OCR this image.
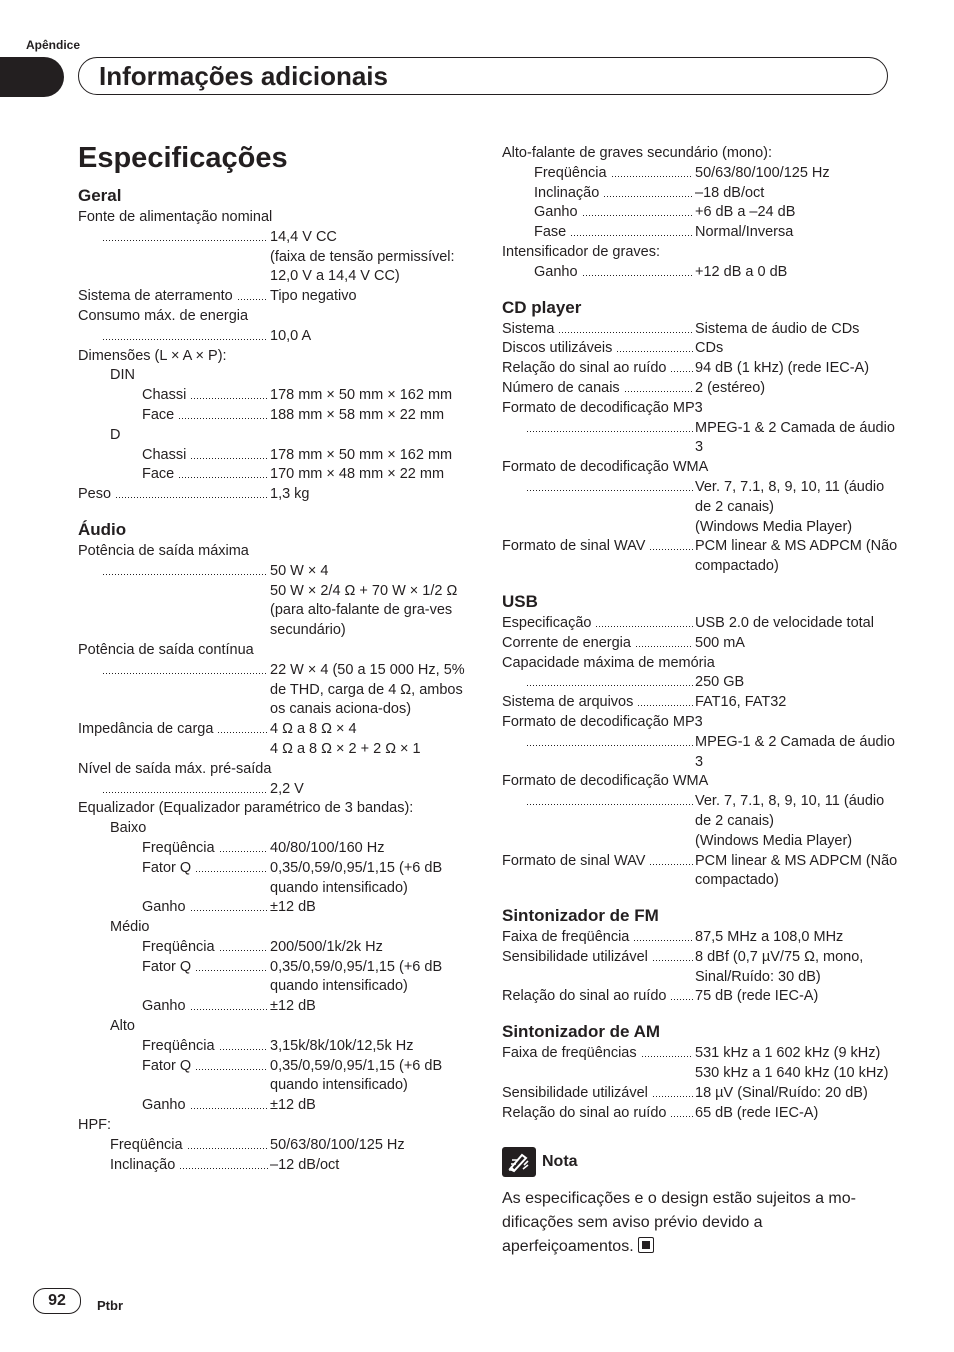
Apêndice
Informações adicionais
Especificações
Geral
Fonte de alimentação nominal
14,4 V CC
(faixa de tensão permissível: 12,0 V a 14,4 V CC)
Sistema de aterramento	Tipo negativo
Consumo máx. de energia
10,0 A
Dimensões (L × A × P):
DIN
Chassi	178 mm × 50 mm × 162 mm
Face	188 mm × 58 mm × 22 mm
D
Chassi	178 mm × 50 mm × 162 mm
Face	170 mm × 48 mm × 22 mm
Peso	1,3 kg
Áudio
Potência de saída máxima
50 W × 4
50 W × 2/4 Ω + 70 W × 1/2 Ω (para alto-falante de gra-ves secundário)
Potência de saída contínua
22 W × 4 (50 a 15 000 Hz, 5% de THD, carga de 4 Ω, ambos os canais aciona-dos)
Impedância de carga	4 Ω a 8 Ω × 4
4 Ω a 8 Ω × 2 + 2 Ω × 1
Nível de saída máx. pré-saída
2,2 V
Equalizador (Equalizador paramétrico de 3 bandas):
Baixo
Freqüência	40/80/100/160 Hz
Fator Q	0,35/0,59/0,95/1,15 (+6 dB quando intensificado)
Ganho	±12 dB
Médio
Freqüência	200/500/1k/2k Hz
Fator Q	0,35/0,59/0,95/1,15 (+6 dB quando intensificado)
Ganho	±12 dB
Alto
Freqüência	3,15k/8k/10k/12,5k Hz
Fator Q	0,35/0,59/0,95/1,15 (+6 dB quando intensificado)
Ganho	±12 dB
HPF:
Freqüência	50/63/80/100/125 Hz
Inclinação	–12 dB/oct
Alto-falante de graves secundário (mono):
Freqüência	50/63/80/100/125 Hz
Inclinação	–18 dB/oct
Ganho	+6 dB a –24 dB
Fase	Normal/Inversa
Intensificador de graves:
Ganho	+12 dB a 0 dB
CD player
Sistema	Sistema de áudio de CDs
Discos utilizáveis	CDs
Relação do sinal ao ruído 94 dB (1 kHz) (rede IEC-A)
Número de canais	2 (estéreo)
Formato de decodificação MP3
MPEG-1 & 2 Camada de áudio 3
Formato de decodificação WMA
Ver. 7, 7.1, 8, 9, 10, 11 (áudio de 2 canais)
(Windows Media Player)
Formato de sinal WAV	PCM linear & MS ADPCM (Não compactado)
USB
Especificação	USB 2.0 de velocidade total
Corrente de energia	500 mA
Capacidade máxima de memória
250 GB
Sistema de arquivos	FAT16, FAT32
Formato de decodificação MP3
MPEG-1 & 2 Camada de áudio 3
Formato de decodificação WMA
Ver. 7, 7.1, 8, 9, 10, 11 (áudio de 2 canais)
(Windows Media Player)
Formato de sinal WAV	PCM linear & MS ADPCM (Não compactado)
Sintonizador de FM
Faixa de freqüência	87,5 MHz a 108,0 MHz
Sensibilidade utilizável	8 dBf (0,7 µV/75 Ω, mono, Sinal/Ruído: 30 dB)
Relação do sinal ao ruído 75 dB (rede IEC-A)
Sintonizador de AM
Faixa de freqüências	531 kHz a 1 602 kHz (9 kHz)
530 kHz a 1 640 kHz (10 kHz)
Sensibilidade utilizável	18 µV (Sinal/Ruído: 20 dB)
Relação do sinal ao ruído 65 dB (rede IEC-A)
Nota
As especificações e o design estão sujeitos a mo-dificações sem aviso prévio devido a aperfeiçoamentos.
92	Ptbr
